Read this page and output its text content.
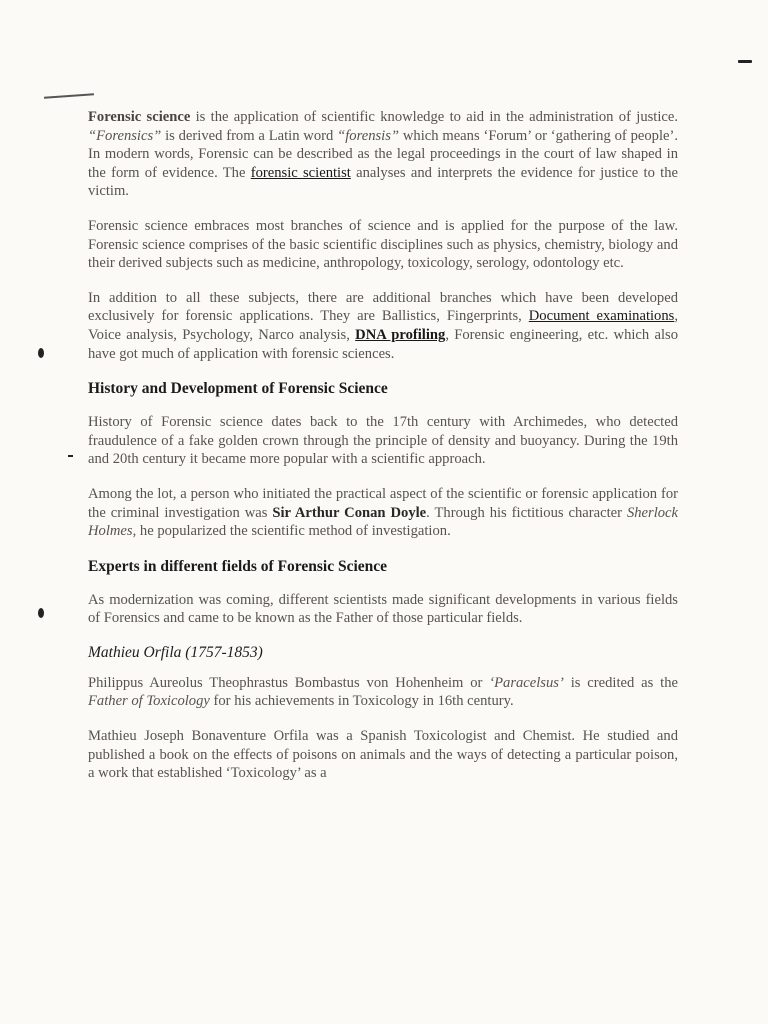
Forensic science is the application of scientific knowledge to aid in the administration of justice. “Forensics” is derived from a Latin word “forensis” which means ‘Forum’ or ‘gathering of people’. In modern words, Forensic can be described as the legal proceedings in the court of law shaped in the form of evidence. The forensic scientist analyses and interprets the evidence for justice to the victim.

Forensic science embraces most branches of science and is applied for the purpose of the law. Forensic science comprises of the basic scientific disciplines such as physics, chemistry, biology and their derived subjects such as medicine, anthropology, toxicology, serology, odontology etc.

In addition to all these subjects, there are additional branches which have been developed exclusively for forensic applications. They are Ballistics, Fingerprints, Document examinations, Voice analysis, Psychology, Narco analysis, DNA profiling, Forensic engineering, etc. which also have got much of application with forensic sciences.

History and Development of Forensic Science

History of Forensic science dates back to the 17th century with Archimedes, who detected fraudulence of a fake golden crown through the principle of density and buoyancy. During the 19th and 20th century it became more popular with a scientific approach.

Among the lot, a person who initiated the practical aspect of the scientific or forensic application for the criminal investigation was Sir Arthur Conan Doyle. Through his fictitious character Sherlock Holmes, he popularized the scientific method of investigation.

Experts in different fields of Forensic Science

As modernization was coming, different scientists made significant developments in various fields of Forensics and came to be known as the Father of those particular fields.

Mathieu Orfila (1757-1853)

Philippus Aureolus Theophrastus Bombastus von Hohenheim or ‘Paracelsus’ is credited as the Father of Toxicology for his achievements in Toxicology in 16th century.

Mathieu Joseph Bonaventure Orfila was a Spanish Toxicologist and Chemist. He studied and published a book on the effects of poisons on animals and the ways of detecting a particular poison, a work that established ‘Toxicology’ as a
